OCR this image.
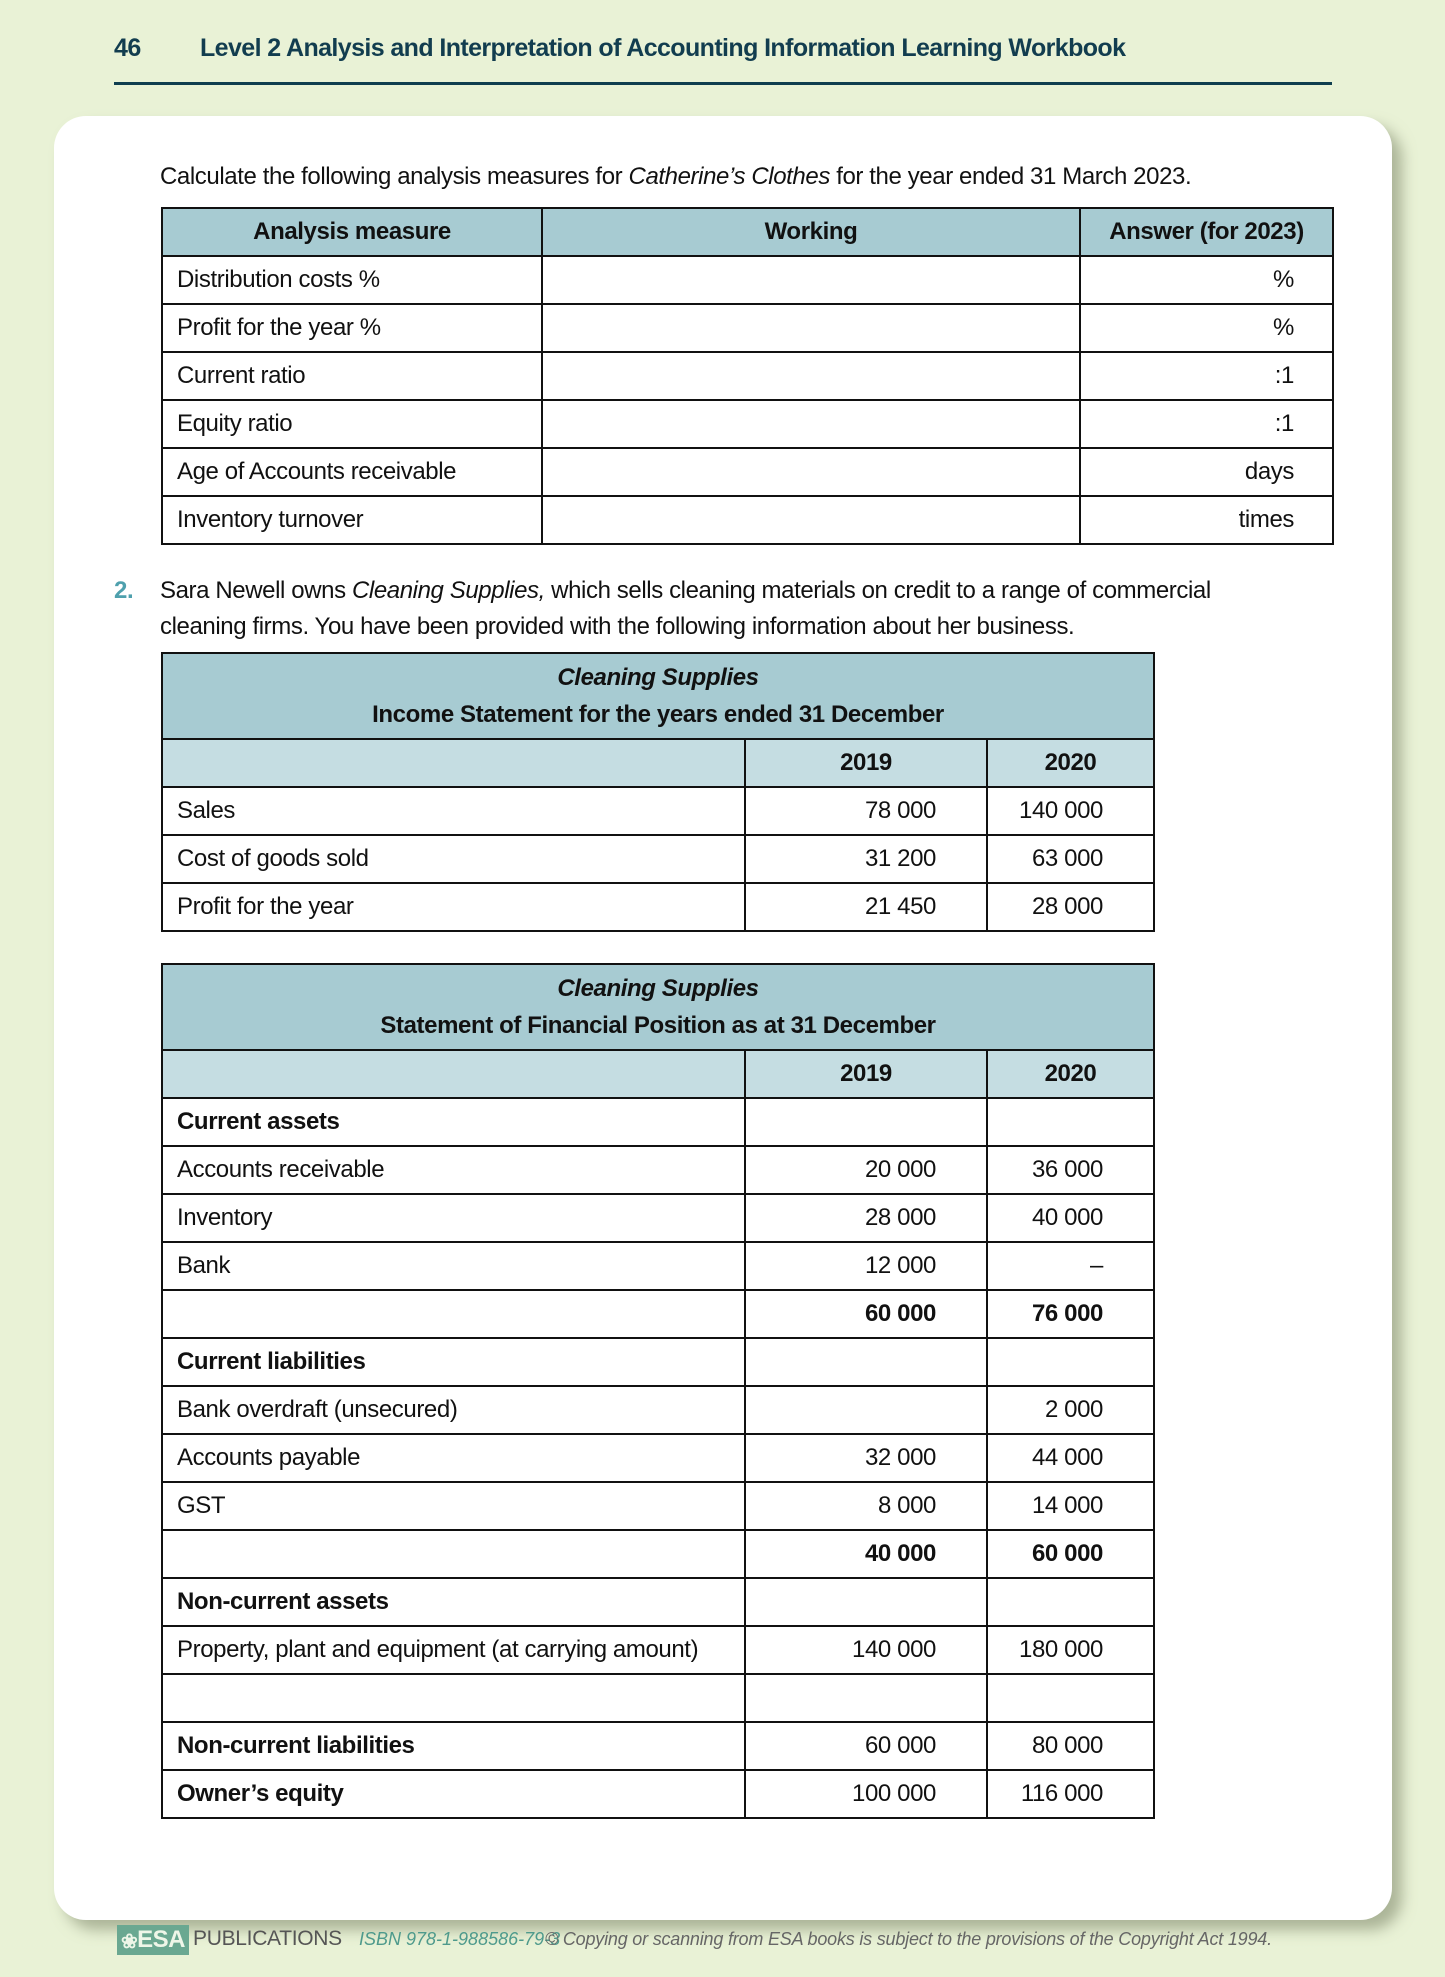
46 Level 2 Analysis and Interpretation of Accounting Information Learning Workbook
Calculate the following analysis measures for Catherine’s Clothes for the year ended 31 March 2023.
Analysis measure	Working	Answer (for 2023)
Distribution costs %		%
Profit for the year %		%
Current ratio		:1
Equity ratio		:1
Age of Accounts receivable		days
Inventory turnover		times
2. Sara Newell owns Cleaning Supplies, which sells cleaning materials on credit to a range of commercial cleaning firms. You have been provided with the following information about her business.
Cleaning Supplies
Income Statement for the years ended 31 December		
	2019	2020
Sales	78 000	140 000
Cost of goods sold	31 200	63 000
Profit for the year	21 450	28 000
Cleaning Supplies
Statement of Financial Position as at 31 December		
	2019	2020
Current assets		
Accounts receivable	20 000	36 000
Inventory	28 000	40 000
Bank	12 000	–
	60 000	76 000
Current liabilities		
Bank overdraft (unsecured)		2 000
Accounts payable	32 000	44 000
GST	8 000	14 000
	40 000	60 000
Non-current assets		
Property, plant and equipment (at carrying amount)	140 000	180 000

Non-current liabilities	60 000	80 000
Owner’s equity	100 000	116 000
❀ ESA PUBLICATIONS ISBN 978-1-988586-79-3
© Copying or scanning from ESA books is subject to the provisions of the Copyright Act 1994.
